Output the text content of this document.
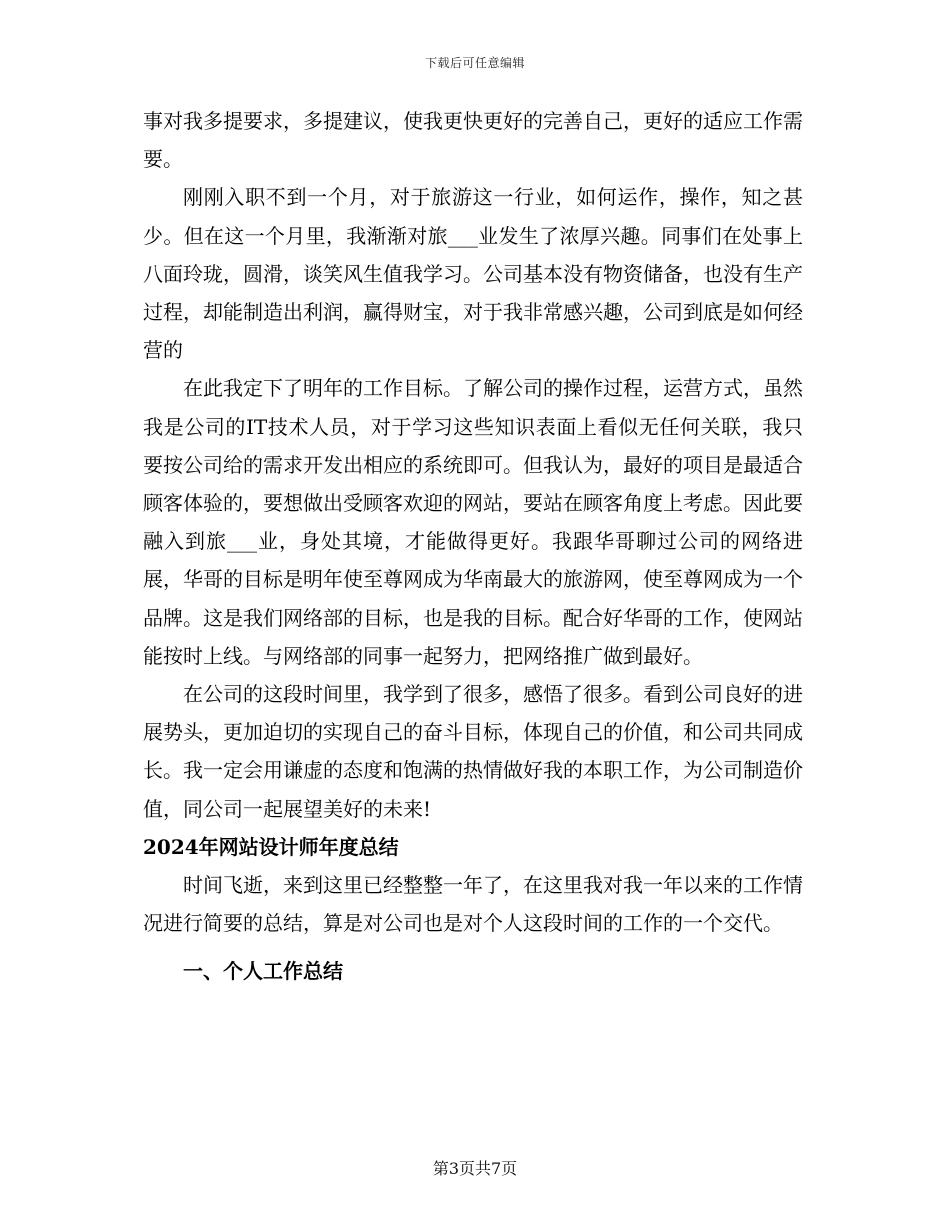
下载后可任意编辑

事对我多提要求，多提建议，使我更快更好的完善自己，更好的适应工作需要。

刚刚入职不到一个月，对于旅游这一行业，如何运作，操作，知之甚少。但在这一个月里，我渐渐对旅___业发生了浓厚兴趣。同事们在处事上八面玲珑，圆滑，谈笑风生值我学习。公司基本没有物资储备，也没有生产过程，却能制造出利润，赢得财宝，对于我非常感兴趣，公司到底是如何经营的

在此我定下了明年的工作目标。了解公司的操作过程，运营方式，虽然我是公司的IT技术人员，对于学习这些知识表面上看似无任何关联，我只要按公司给的需求开发出相应的系统即可。但我认为，最好的项目是最适合顾客体验的，要想做出受顾客欢迎的网站，要站在顾客角度上考虑。因此要融入到旅___业，身处其境，才能做得更好。我跟华哥聊过公司的网络进展，华哥的目标是明年使至尊网成为华南最大的旅游网，使至尊网成为一个品牌。这是我们网络部的目标，也是我的目标。配合好华哥的工作，使网站能按时上线。与网络部的同事一起努力，把网络推广做到最好。

在公司的这段时间里，我学到了很多，感悟了很多。看到公司良好的进展势头，更加迫切的实现自己的奋斗目标，体现自己的价值，和公司共同成长。我一定会用谦虚的态度和饱满的热情做好我的本职工作，为公司制造价值，同公司一起展望美好的未来!

2024年网站设计师年度总结

时间飞逝，来到这里已经整整一年了，在这里我对我一年以来的工作情况进行简要的总结，算是对公司也是对个人这段时间的工作的一个交代。

一、个人工作总结

第3页共7页
